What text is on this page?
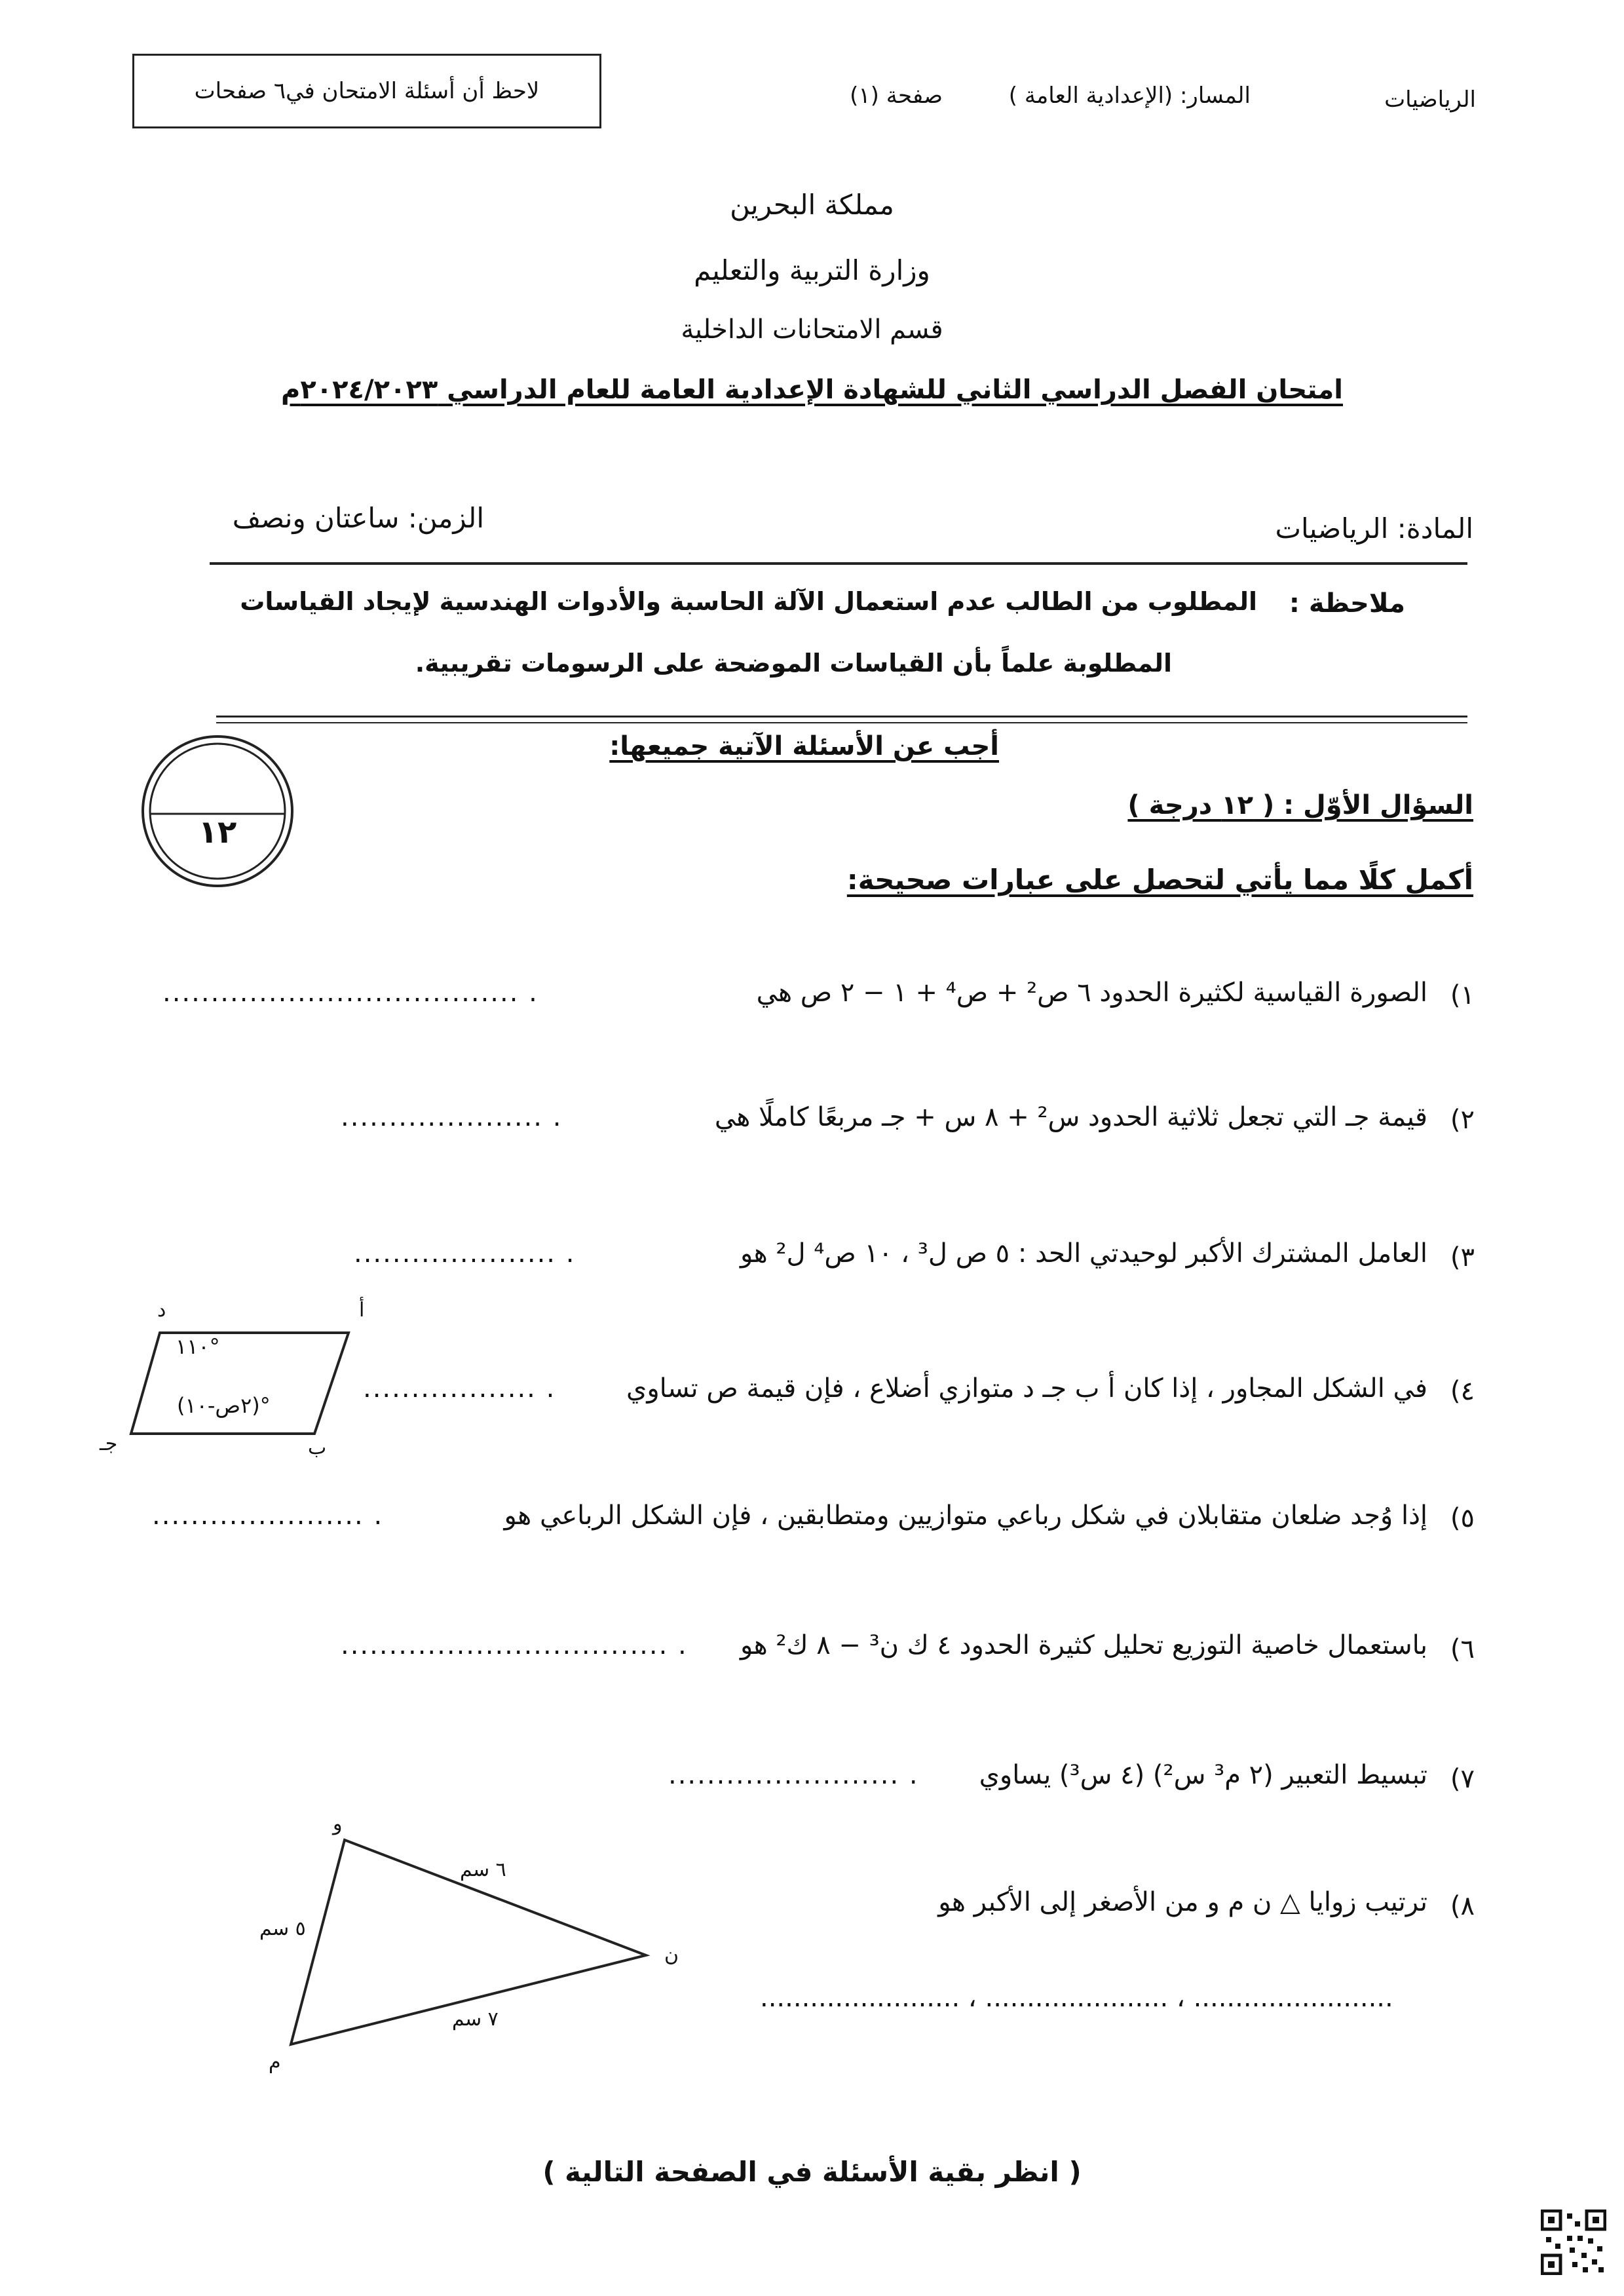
الرياضيات
المسار: (الإعدادية العامة )
صفحة (١)
لاحظ أن أسئلة الامتحان في٦ صفحات
مملكة البحرين
وزارة التربية والتعليم
قسم الامتحانات الداخلية
امتحان الفصل الدراسي الثاني للشهادة الإعدادية العامة للعام الدراسي ٢٠٢٤/٢٠٢٣م
المادة: الرياضيات
الزمن: ساعتان ونصف
ملاحظة :
المطلوب من الطالب عدم استعمال الآلة الحاسبة والأدوات الهندسية لإيجاد القياسات
المطلوبة علماً بأن القياسات الموضحة على الرسومات تقريبية.
أجب عن الأسئلة الآتية جميعها:
١٢
السؤال الأوّل : ( ١٢ درجة )
أكمل كلًا مما يأتي لتحصل على عبارات صحيحة:
١)
الصورة القياسية لكثيرة الحدود ٦ ص² + ص⁴ + ١ − ٢ ص هي
..................................... .
٢)
قيمة جـ التي تجعل ثلاثية الحدود س² + ٨ س + جـ مربعًا كاملًا هي
..................... .
٣)
العامل المشترك الأكبر لوحيدتي الحد : ٥ ص ل³ ، ١٠ ص⁴ ل² هو
..................... .
٤)
في الشكل المجاور ، إذا كان أ ب جـ د متوازي أضلاع ، فإن قيمة ص تساوي
.................. .
٥)
إذا وُجد ضلعان متقابلان في شكل رباعي متوازيين ومتطابقين ، فإن الشكل الرباعي هو
...................... .
٦)
باستعمال خاصية التوزيع تحليل كثيرة الحدود ٤ ك ن³ − ٨ ك² هو
.................................. .
٧)
تبسيط التعبير (٢ م³ س²) (٤ س³) يساوي
........................ .
٨)
ترتيب زوايا △ ن م و من الأصغر إلى الأكبر هو
........................ ، ...................... ، ........................
أ
د
ب
جـ
١١٠°
(٢ص-١٠)°
و
ن
م
٦ سم
٥ سم
٧ سم
( انظر بقية الأسئلة في الصفحة التالية )
